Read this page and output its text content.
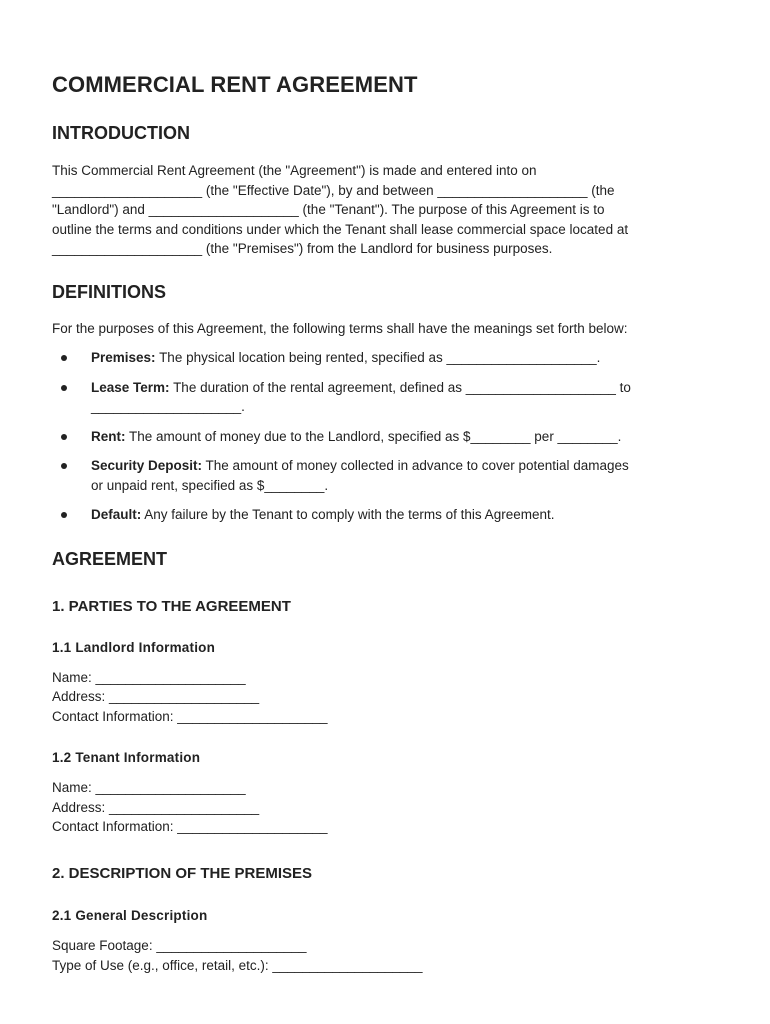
COMMERCIAL RENT AGREEMENT
INTRODUCTION

This Commercial Rent Agreement (the "Agreement") is made and entered into on

____________________ (the "Effective Date"), by and between ____________________ (the

"Landlord") and ____________________ (the "Tenant"). The purpose of this Agreement is to

outline the terms and conditions under which the Tenant shall lease commercial space located at

____________________ (the "Premises") from the Landlord for business purposes.

DEFINITIONS

For the purposes of this Agreement, the following terms shall have the meanings set forth below:

Premises: The physical location being rented, specified as ____________________.
Lease Term: The duration of the rental agreement, defined as ____________________ to
____________________.
Rent: The amount of money due to the Landlord, specified as $________ per ________.
Security Deposit: The amount of money collected in advance to cover potential damages
or unpaid rent, specified as $________.
Default: Any failure by the Tenant to comply with the terms of this Agreement.
AGREEMENT
1. PARTIES TO THE AGREEMENT
1.1 Landlord Information

Name: ____________________

Address: ____________________

Contact Information: ____________________

1.2 Tenant Information

Name: ____________________

Address: ____________________

Contact Information: ____________________

2. DESCRIPTION OF THE PREMISES
2.1 General Description

Square Footage: ____________________

Type of Use (e.g., office, retail, etc.): ____________________
